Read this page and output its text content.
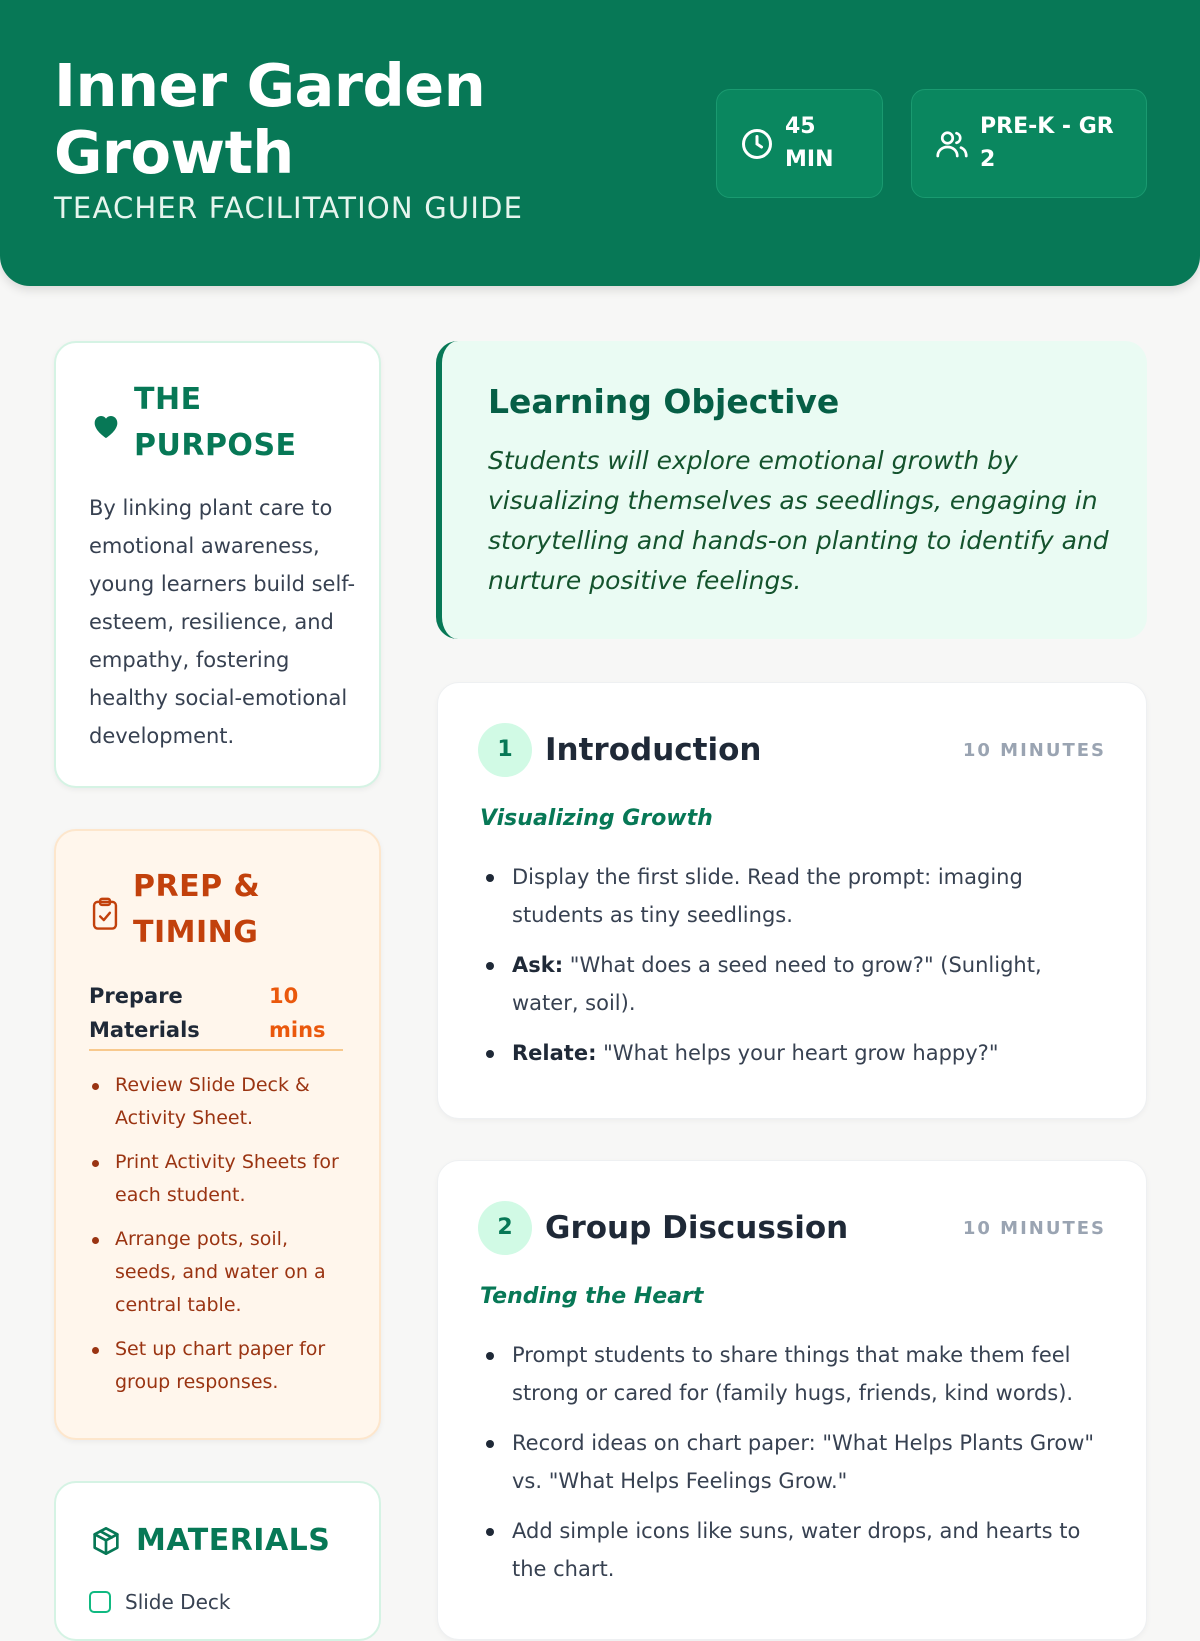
Inner Garden Growth
TEACHER FACILITATION GUIDE
45 MIN
PRE-K - GR 2
THE PURPOSE
By linking plant care to emotional awareness, young learners build self-esteem, resilience, and empathy, fostering healthy social-emotional development.
PREP & TIMING
Prepare Materials
10 mins
Review Slide Deck & Activity Sheet.
Print Activity Sheets for each student.
Arrange pots, soil, seeds, and water on a central table.
Set up chart paper for group responses.
MATERIALS
Slide Deck
Learning Objective
Students will explore emotional growth by visualizing themselves as seedlings, engaging in storytelling and hands-on planting to identify and nurture positive feelings.
1	Introduction	10 MINUTES
Visualizing Growth
Display the first slide. Read the prompt: imaging students as tiny seedlings.
Ask: "What does a seed need to grow?" (Sunlight, water, soil).
Relate: "What helps your heart grow happy?"
2	Group Discussion	10 MINUTES
Tending the Heart
Prompt students to share things that make them feel strong or cared for (family hugs, friends, kind words).
Record ideas on chart paper: "What Helps Plants Grow" vs. "What Helps Feelings Grow."
Add simple icons like suns, water drops, and hearts to the chart.
